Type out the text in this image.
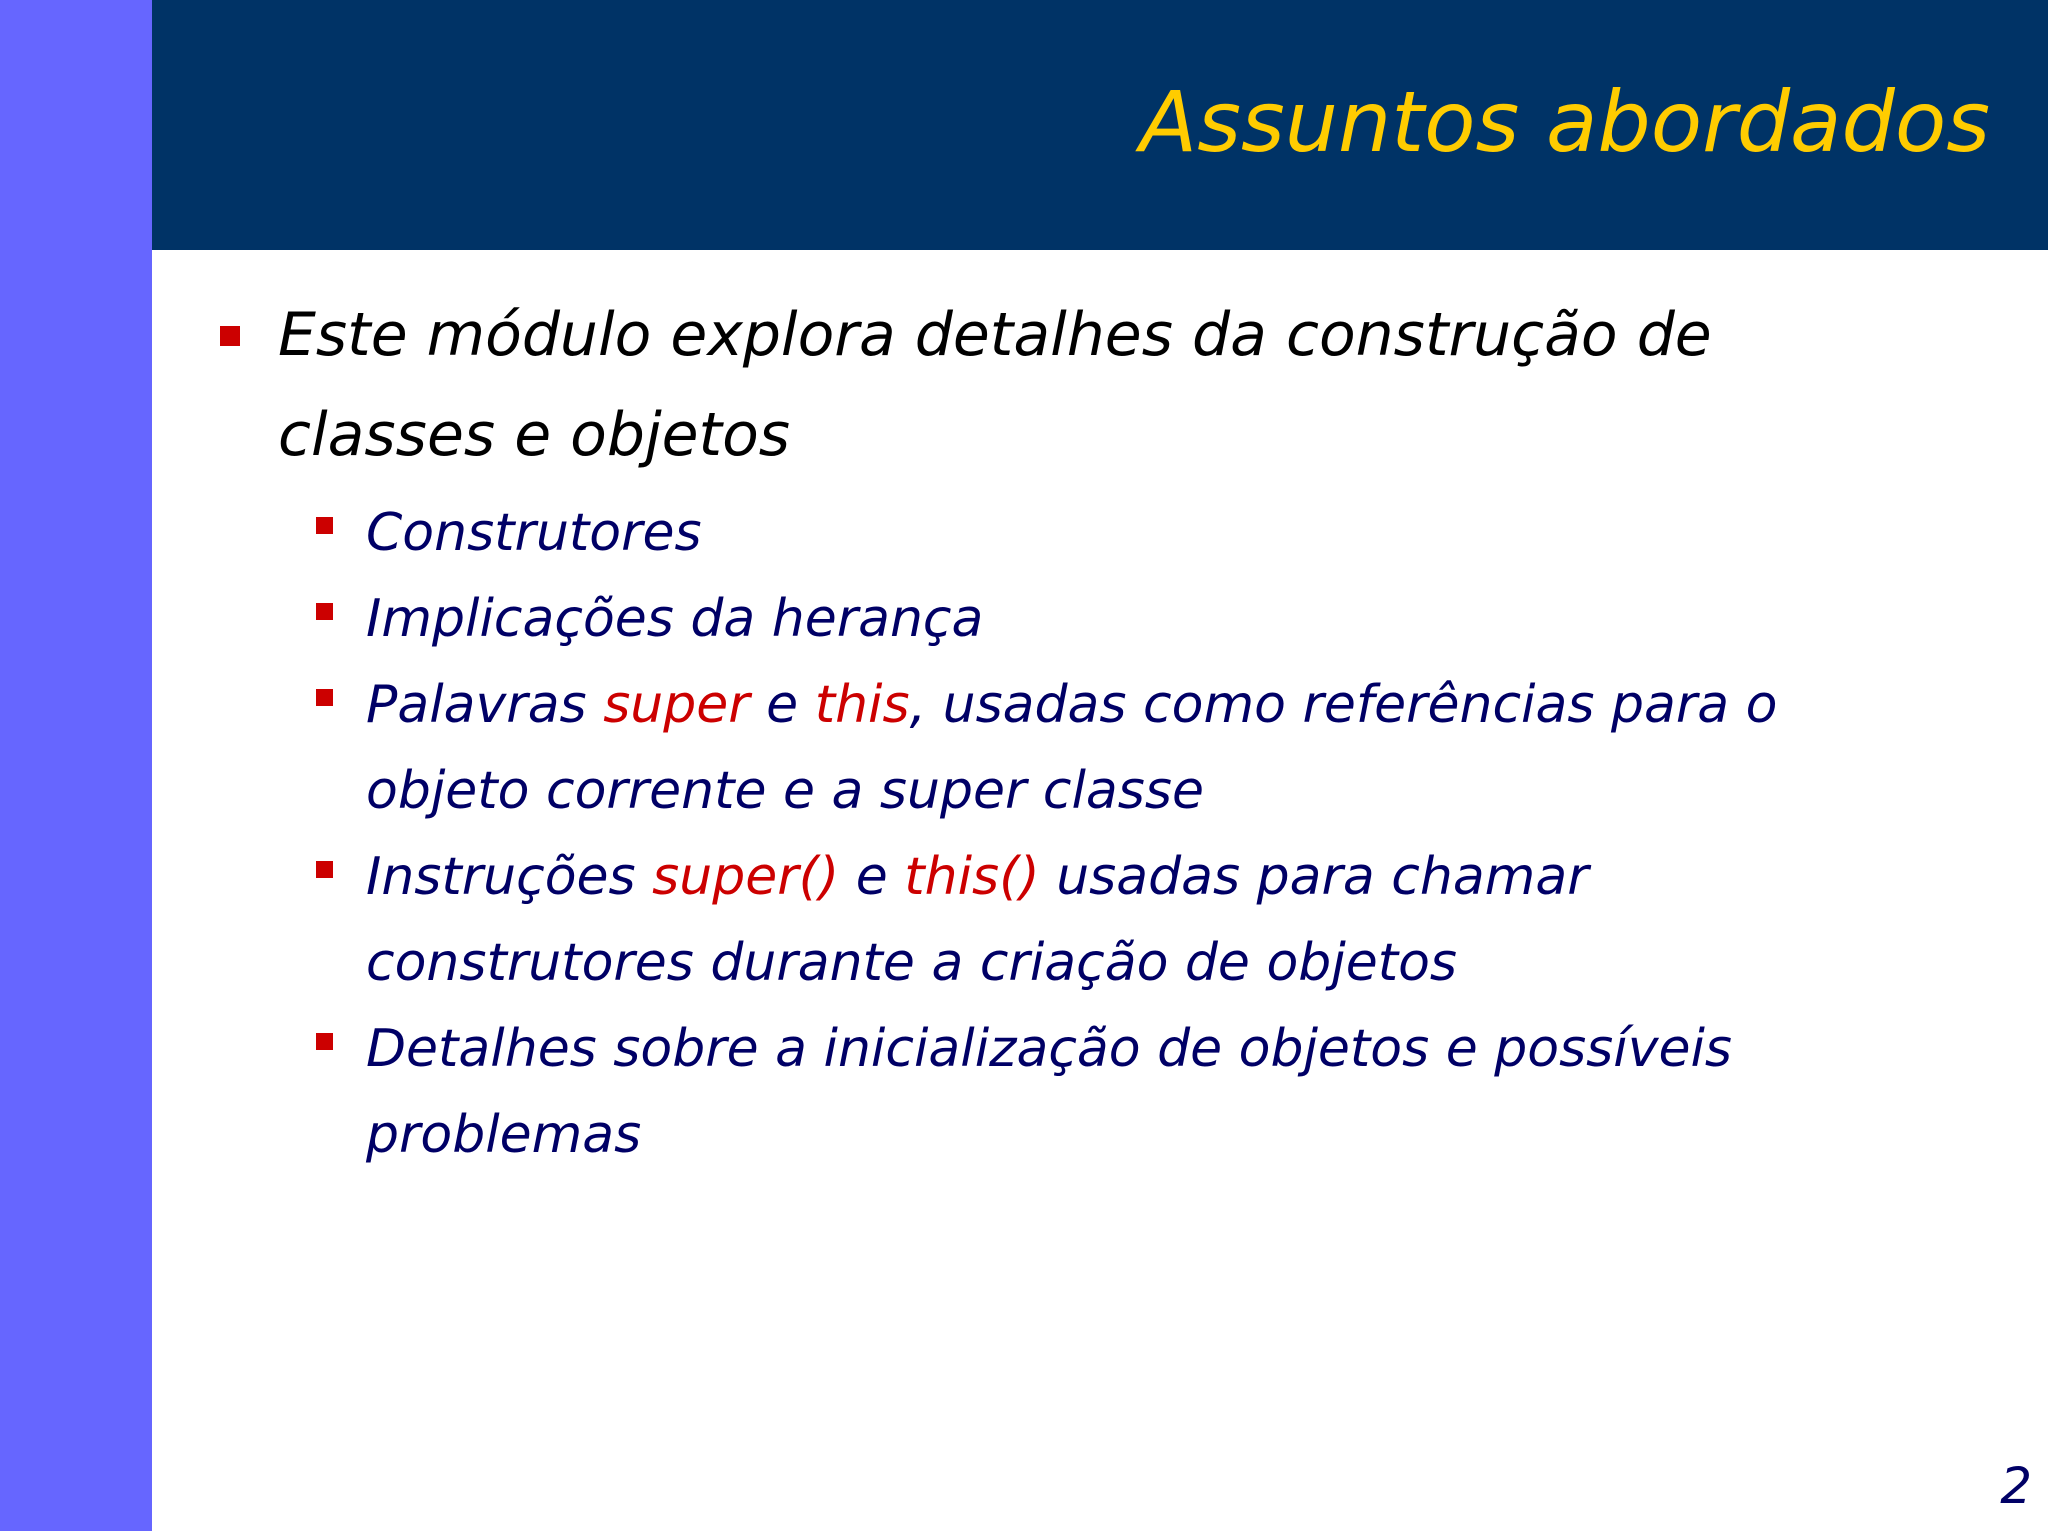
Assuntos abordados
Este módulo explora detalhes da construção de
classes e objetos
Construtores
Implicações da herança
Palavras super e this, usadas como referências para o
objeto corrente e a super classe
Instruções super() e this() usadas para chamar
construtores durante a criação de objetos
Detalhes sobre a inicialização de objetos e possíveis
problemas
2
